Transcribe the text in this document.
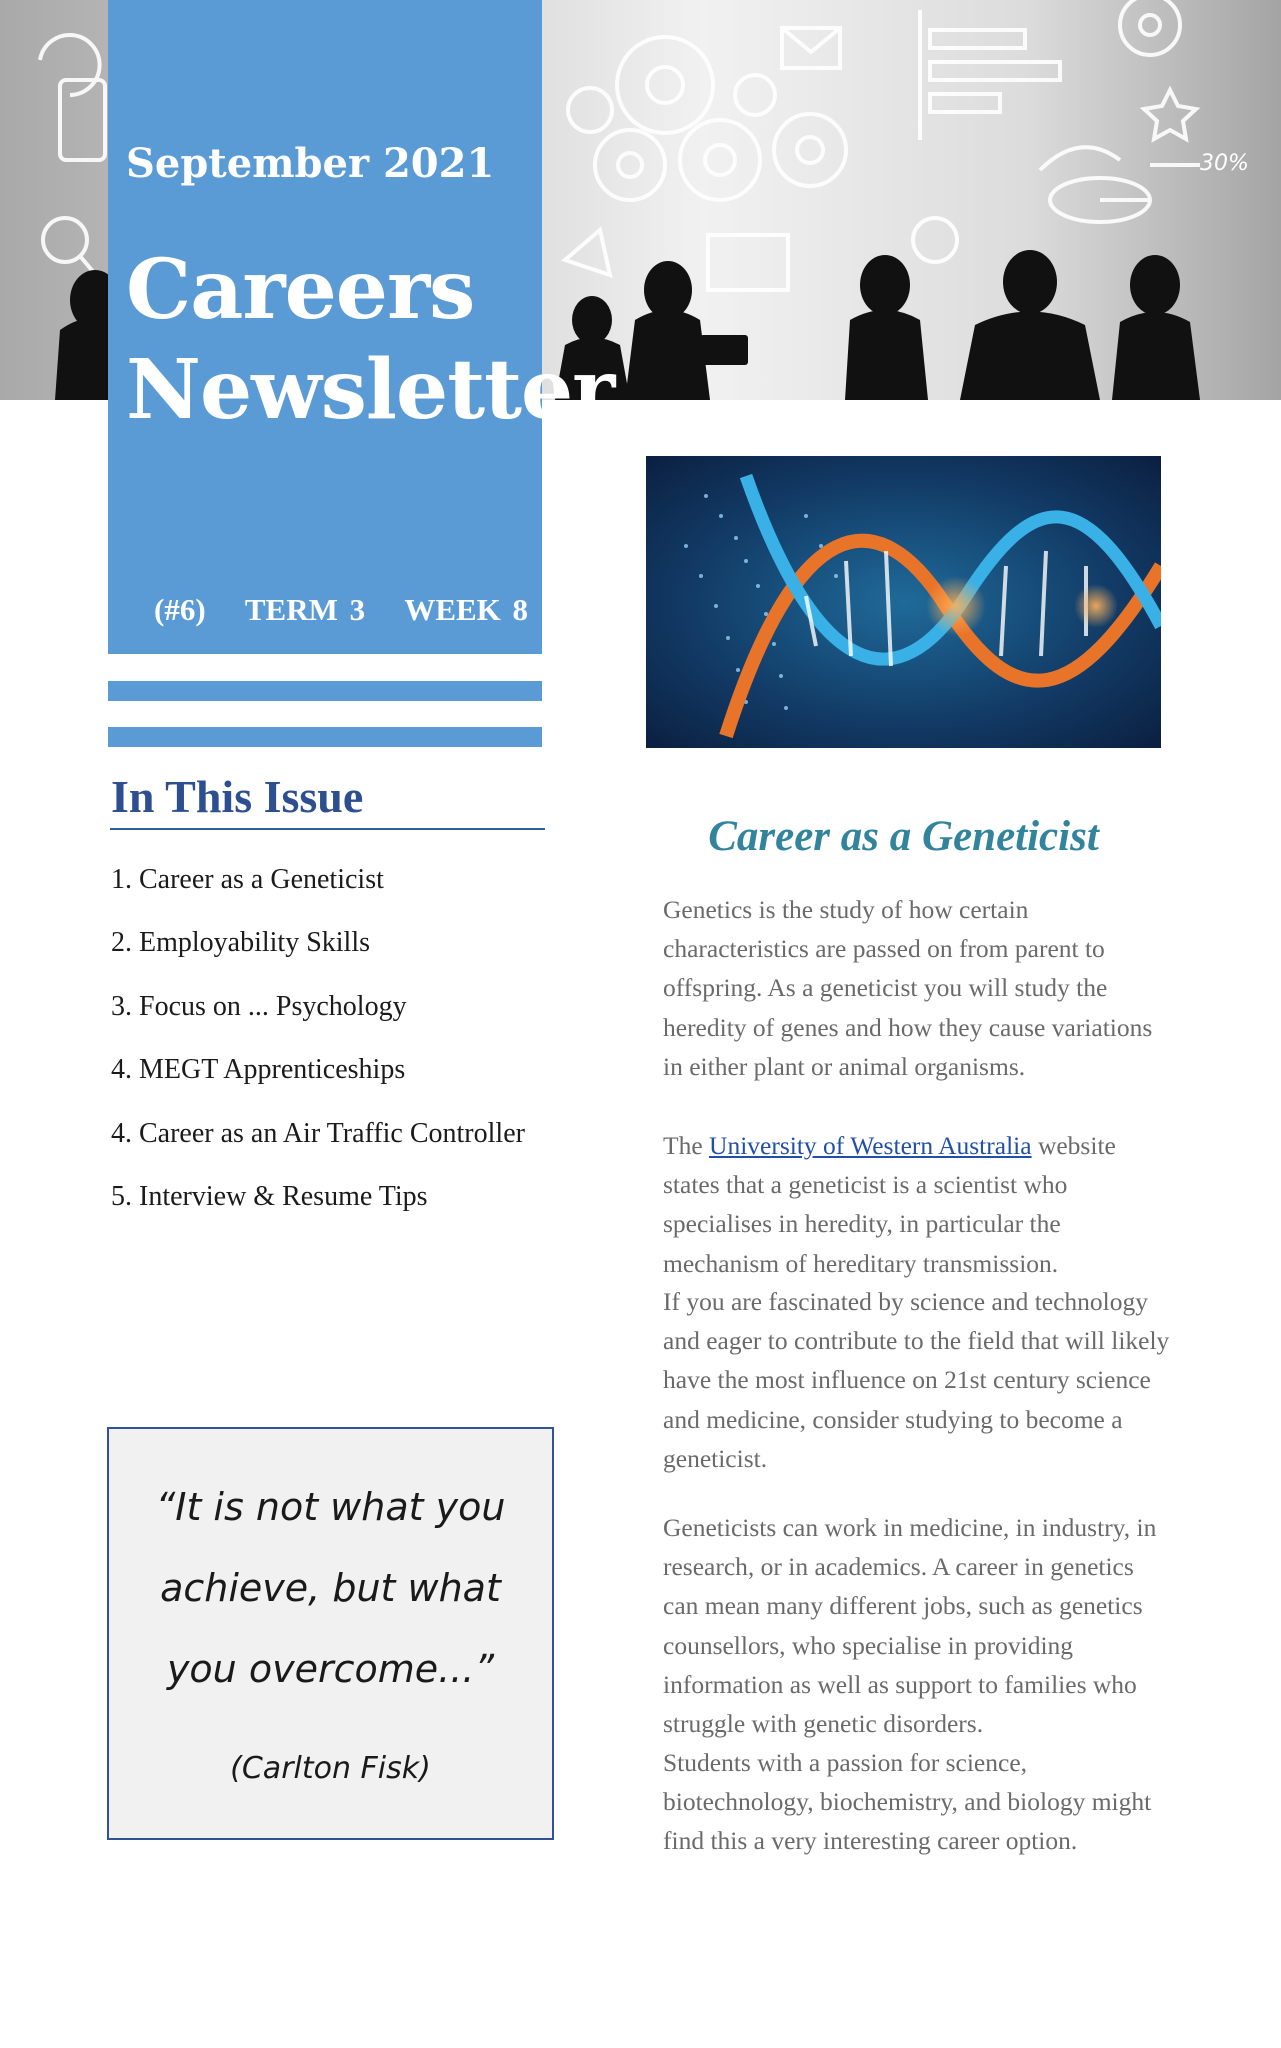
30%
September 2021
Careers
Newsletter
(#6) TERM 3 WEEK 8
In This Issue
1. Career as a Geneticist
2. Employability Skills
3. Focus on ... Psychology
4. MEGT Apprenticeships
4. Career as an Air Traffic Controller
5. Interview & Resume Tips
“It is not what you achieve, but what you overcome...”
(Carlton Fisk)
Career as a Geneticist

Genetics is the study of how certain characteristics are passed on from parent to offspring. As a geneticist you will study the heredity of genes and how they cause variations in either plant or animal organisms.

The University of Western Australia website states that a geneticist is a scientist who specialises in heredity, in particular the mechanism of hereditary transmission.

If you are fascinated by science and technology and eager to contribute to the field that will likely have the most influence on 21st century science and medicine, consider studying to become a geneticist.

Geneticists can work in medicine, in industry, in research, or in academics. A career in genetics can mean many different jobs, such as genetics counsellors, who specialise in providing information as well as support to families who struggle with genetic disorders.

Students with a passion for science, biotechnology, biochemistry, and biology might find this a very interesting career option.
